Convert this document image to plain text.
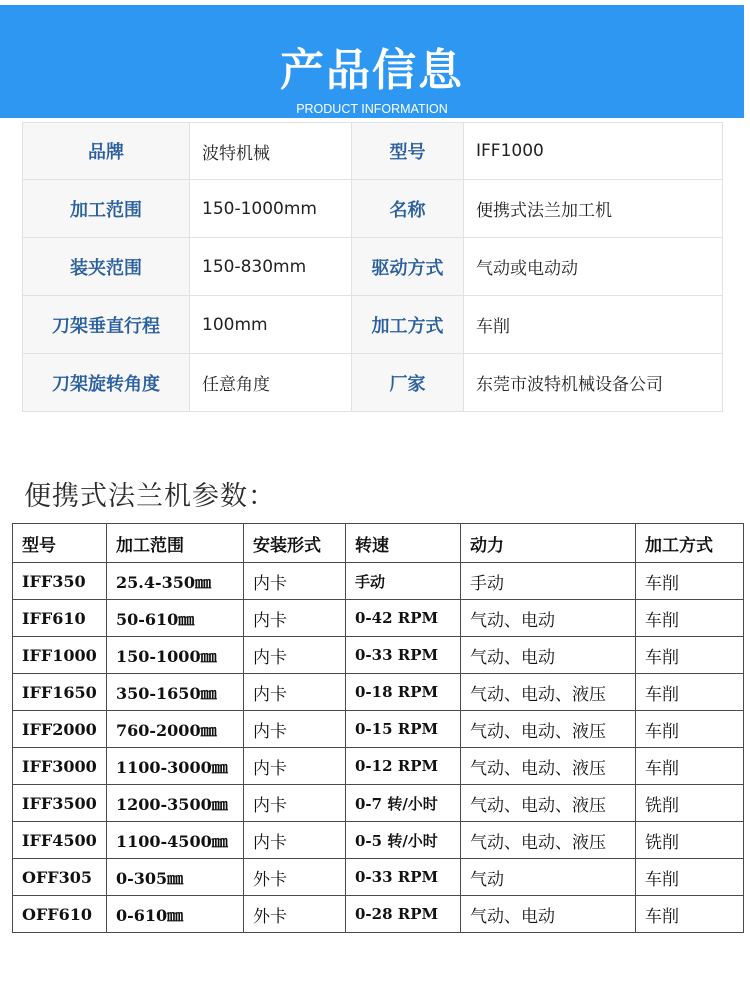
产品信息
PRODUCT INFORMATION
品牌	波特机械	型号	IFF1000
加工范围	150-1000mm	名称	便携式法兰加工机
装夹范围	150-830mm	驱动方式	气动或电动动
刀架垂直行程	100mm	加工方式	车削
刀架旋转角度	任意角度	厂家	东莞市波特机械设备公司
便携式法兰机参数：
型号	加工范围	安装形式	转速	动力	加工方式
IFF350	25.4-350㎜	内卡	手动	手动	车削
IFF610	50-610㎜	内卡	0-42 RPM	气动、电动	车削
IFF1000	150-1000㎜	内卡	0-33 RPM	气动、电动	车削
IFF1650	350-1650㎜	内卡	0-18 RPM	气动、电动、液压	车削
IFF2000	760-2000㎜	内卡	0-15 RPM	气动、电动、液压	车削
IFF3000	1100-3000㎜	内卡	0-12 RPM	气动、电动、液压	车削
IFF3500	1200-3500㎜	内卡	0-7 转/小时	气动、电动、液压	铣削
IFF4500	1100-4500㎜	内卡	0-5 转/小时	气动、电动、液压	铣削
OFF305	0-305㎜	外卡	0-33 RPM	气动	车削
OFF610	0-610㎜	外卡	0-28 RPM	气动、电动	车削
